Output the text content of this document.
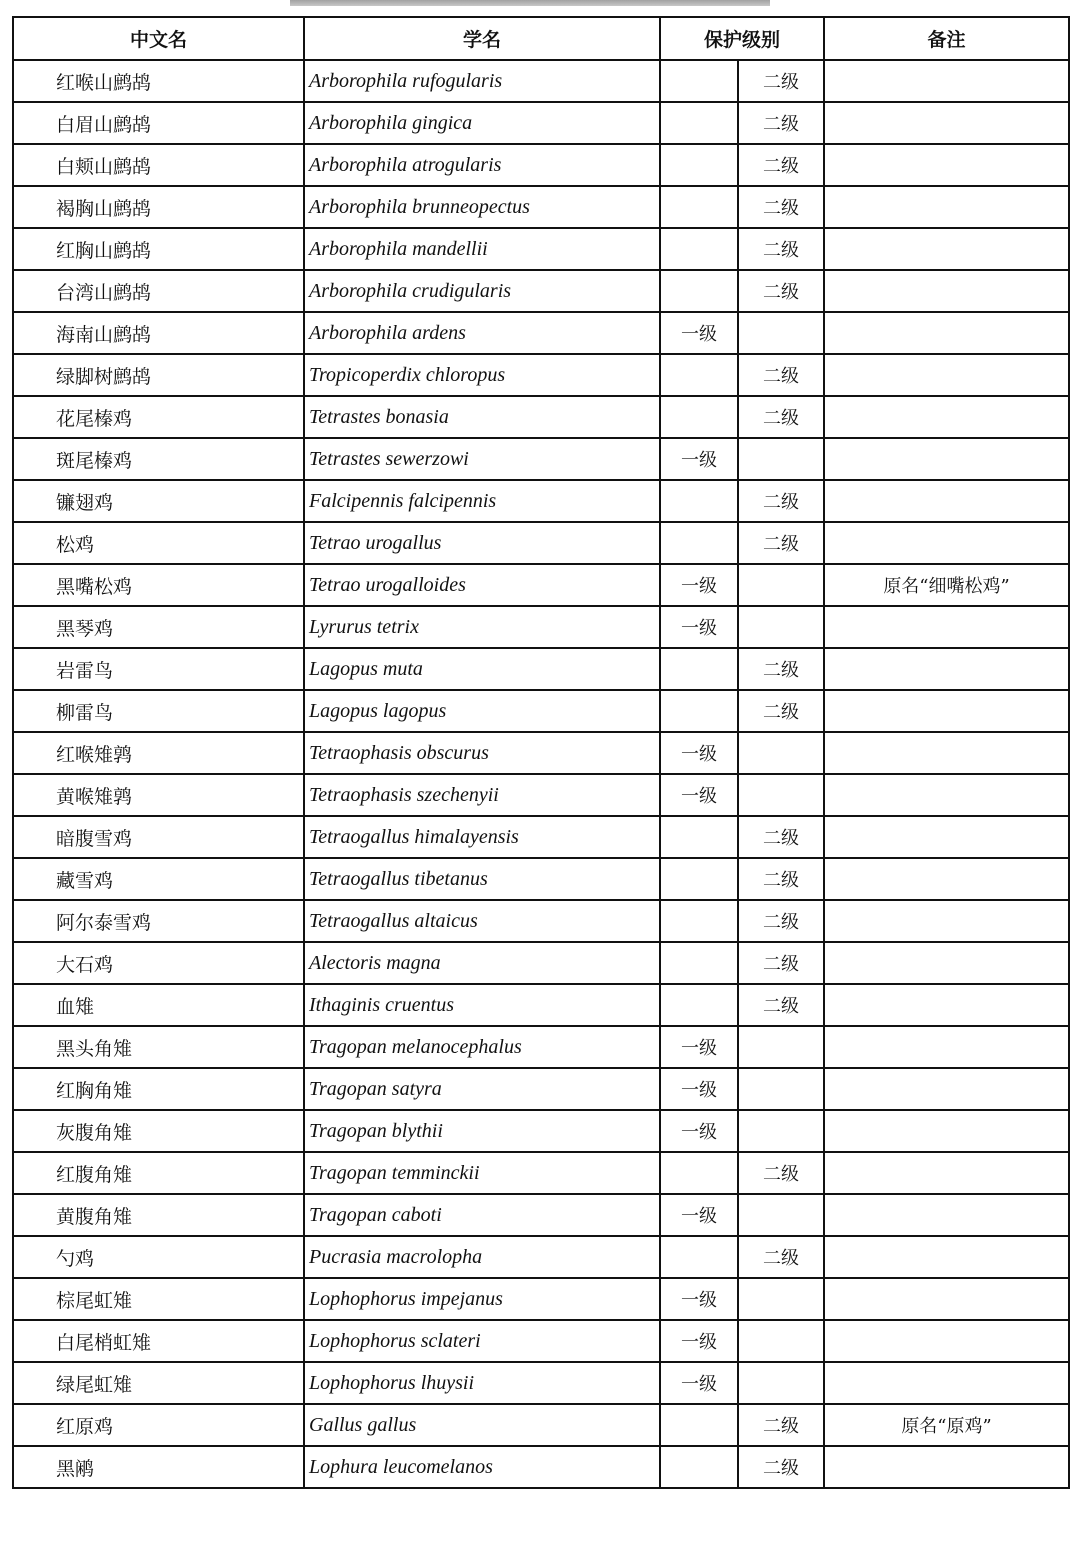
中文名	学名	保护级别		备注
红喉山鹧鸪	Arborophila rufogularis		二级	
白眉山鹧鸪	Arborophila gingica		二级	
白颊山鹧鸪	Arborophila atrogularis		二级	
褐胸山鹧鸪	Arborophila brunneopectus		二级	
红胸山鹧鸪	Arborophila mandellii		二级	
台湾山鹧鸪	Arborophila crudigularis		二级	
海南山鹧鸪	Arborophila ardens	一级		
绿脚树鹧鸪	Tropicoperdix chloropus		二级	
花尾榛鸡	Tetrastes bonasia		二级	
斑尾榛鸡	Tetrastes sewerzowi	一级		
镰翅鸡	Falcipennis falcipennis		二级	
松鸡	Tetrao urogallus		二级	
黑嘴松鸡	Tetrao urogalloides	一级		原名“细嘴松鸡”
黑琴鸡	Lyrurus tetrix	一级		
岩雷鸟	Lagopus muta		二级	
柳雷鸟	Lagopus lagopus		二级	
红喉雉鹑	Tetraophasis obscurus	一级		
黄喉雉鹑	Tetraophasis szechenyii	一级		
暗腹雪鸡	Tetraogallus himalayensis		二级	
藏雪鸡	Tetraogallus tibetanus		二级	
阿尔泰雪鸡	Tetraogallus altaicus		二级	
大石鸡	Alectoris magna		二级	
血雉	Ithaginis cruentus		二级	
黑头角雉	Tragopan melanocephalus	一级		
红胸角雉	Tragopan satyra	一级		
灰腹角雉	Tragopan blythii	一级		
红腹角雉	Tragopan temminckii		二级	
黄腹角雉	Tragopan caboti	一级		
勺鸡	Pucrasia macrolopha		二级	
棕尾虹雉	Lophophorus impejanus	一级		
白尾梢虹雉	Lophophorus sclateri	一级		
绿尾虹雉	Lophophorus lhuysii	一级		
红原鸡	Gallus gallus		二级	原名“原鸡”
黑鹇	Lophura leucomelanos		二级	
